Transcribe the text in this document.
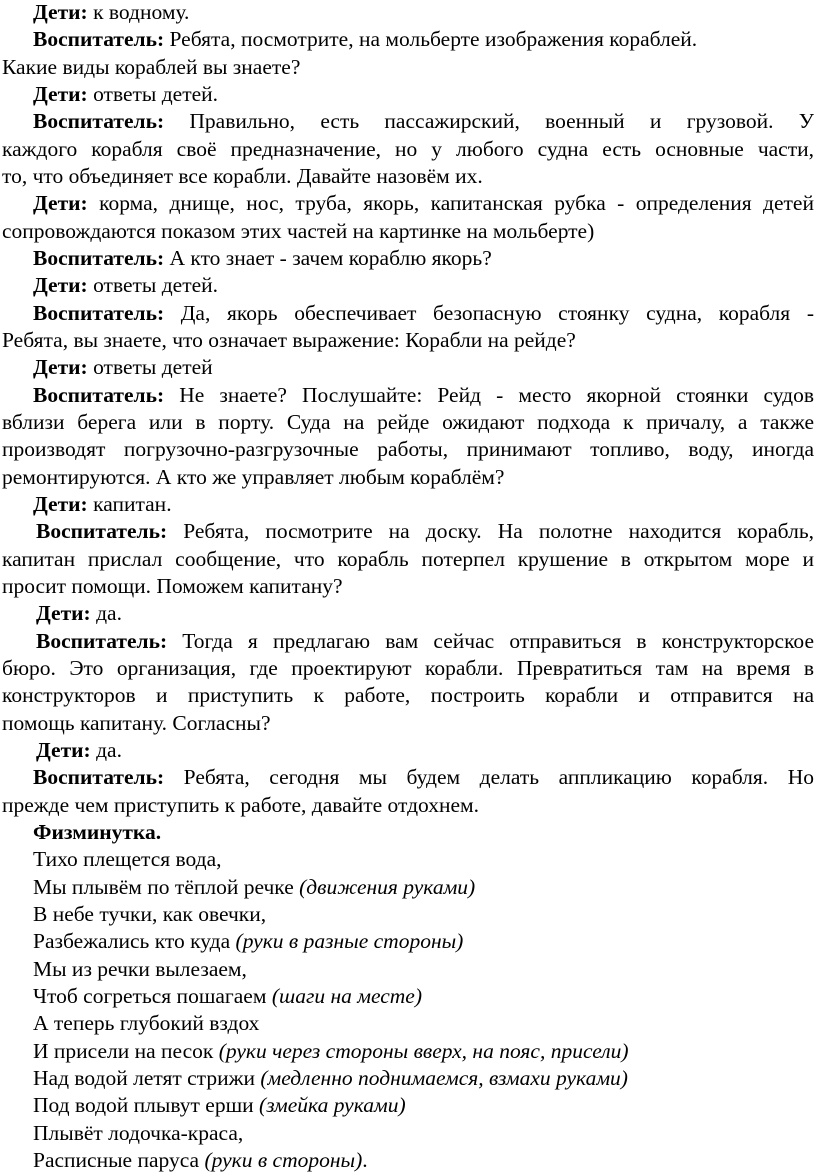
Дети: к водному.
Воспитатель: Ребята, посмотрите, на мольберте изображения кораблей.
Какие виды кораблей вы знаете?
Дети: ответы детей.
Воспитатель: Правильно, есть пассажирский, военный и грузовой. У
каждого корабля своё предназначение, но у любого судна есть основные части,
то, что объединяет все корабли. Давайте назовём их.
Дети: корма, днище, нос, труба, якорь, капитанская рубка - определения детей
сопровождаются показом этих частей на картинке на мольберте)
Воспитатель: А кто знает - зачем кораблю якорь?
Дети: ответы детей.
Воспитатель: Да, якорь обеспечивает безопасную стоянку судна, корабля -
Ребята, вы знаете, что означает выражение: Корабли на рейде?
Дети: ответы детей
Воспитатель: Не знаете? Послушайте: Рейд - место якорной стоянки судов
вблизи берега или в порту. Суда на рейде ожидают подхода к причалу, а также
производят погрузочно-разгрузочные работы, принимают топливо, воду, иногда
ремонтируются. А кто же управляет любым кораблём?
Дети: капитан.
Воспитатель: Ребята, посмотрите на доску. На полотне находится корабль,
капитан прислал сообщение, что корабль потерпел крушение в открытом море и
просит помощи. Поможем капитану?
Дети: да.
Воспитатель: Тогда я предлагаю вам сейчас отправиться в конструкторское
бюро. Это организация, где проектируют корабли. Превратиться там на время в
конструкторов и приступить к работе, построить корабли и отправится на
помощь капитану. Согласны?
Дети: да.
Воспитатель: Ребята, сегодня мы будем делать аппликацию корабля. Но
прежде чем приступить к работе, давайте отдохнем.
Физминутка.
Тихо плещется вода,
Мы плывём по тёплой речке (движения руками)
В небе тучки, как овечки,
Разбежались кто куда (руки в разные стороны)
Мы из речки вылезаем,
Чтоб согреться пошагаем (шаги на месте)
А теперь глубокий вздох
И присели на песок (руки через стороны вверх, на пояс, присели)
Над водой летят стрижи (медленно поднимаемся, взмахи руками)
Под водой плывут ерши (змейка руками)
Плывёт лодочка-краса,
Расписные паруса (руки в стороны).
